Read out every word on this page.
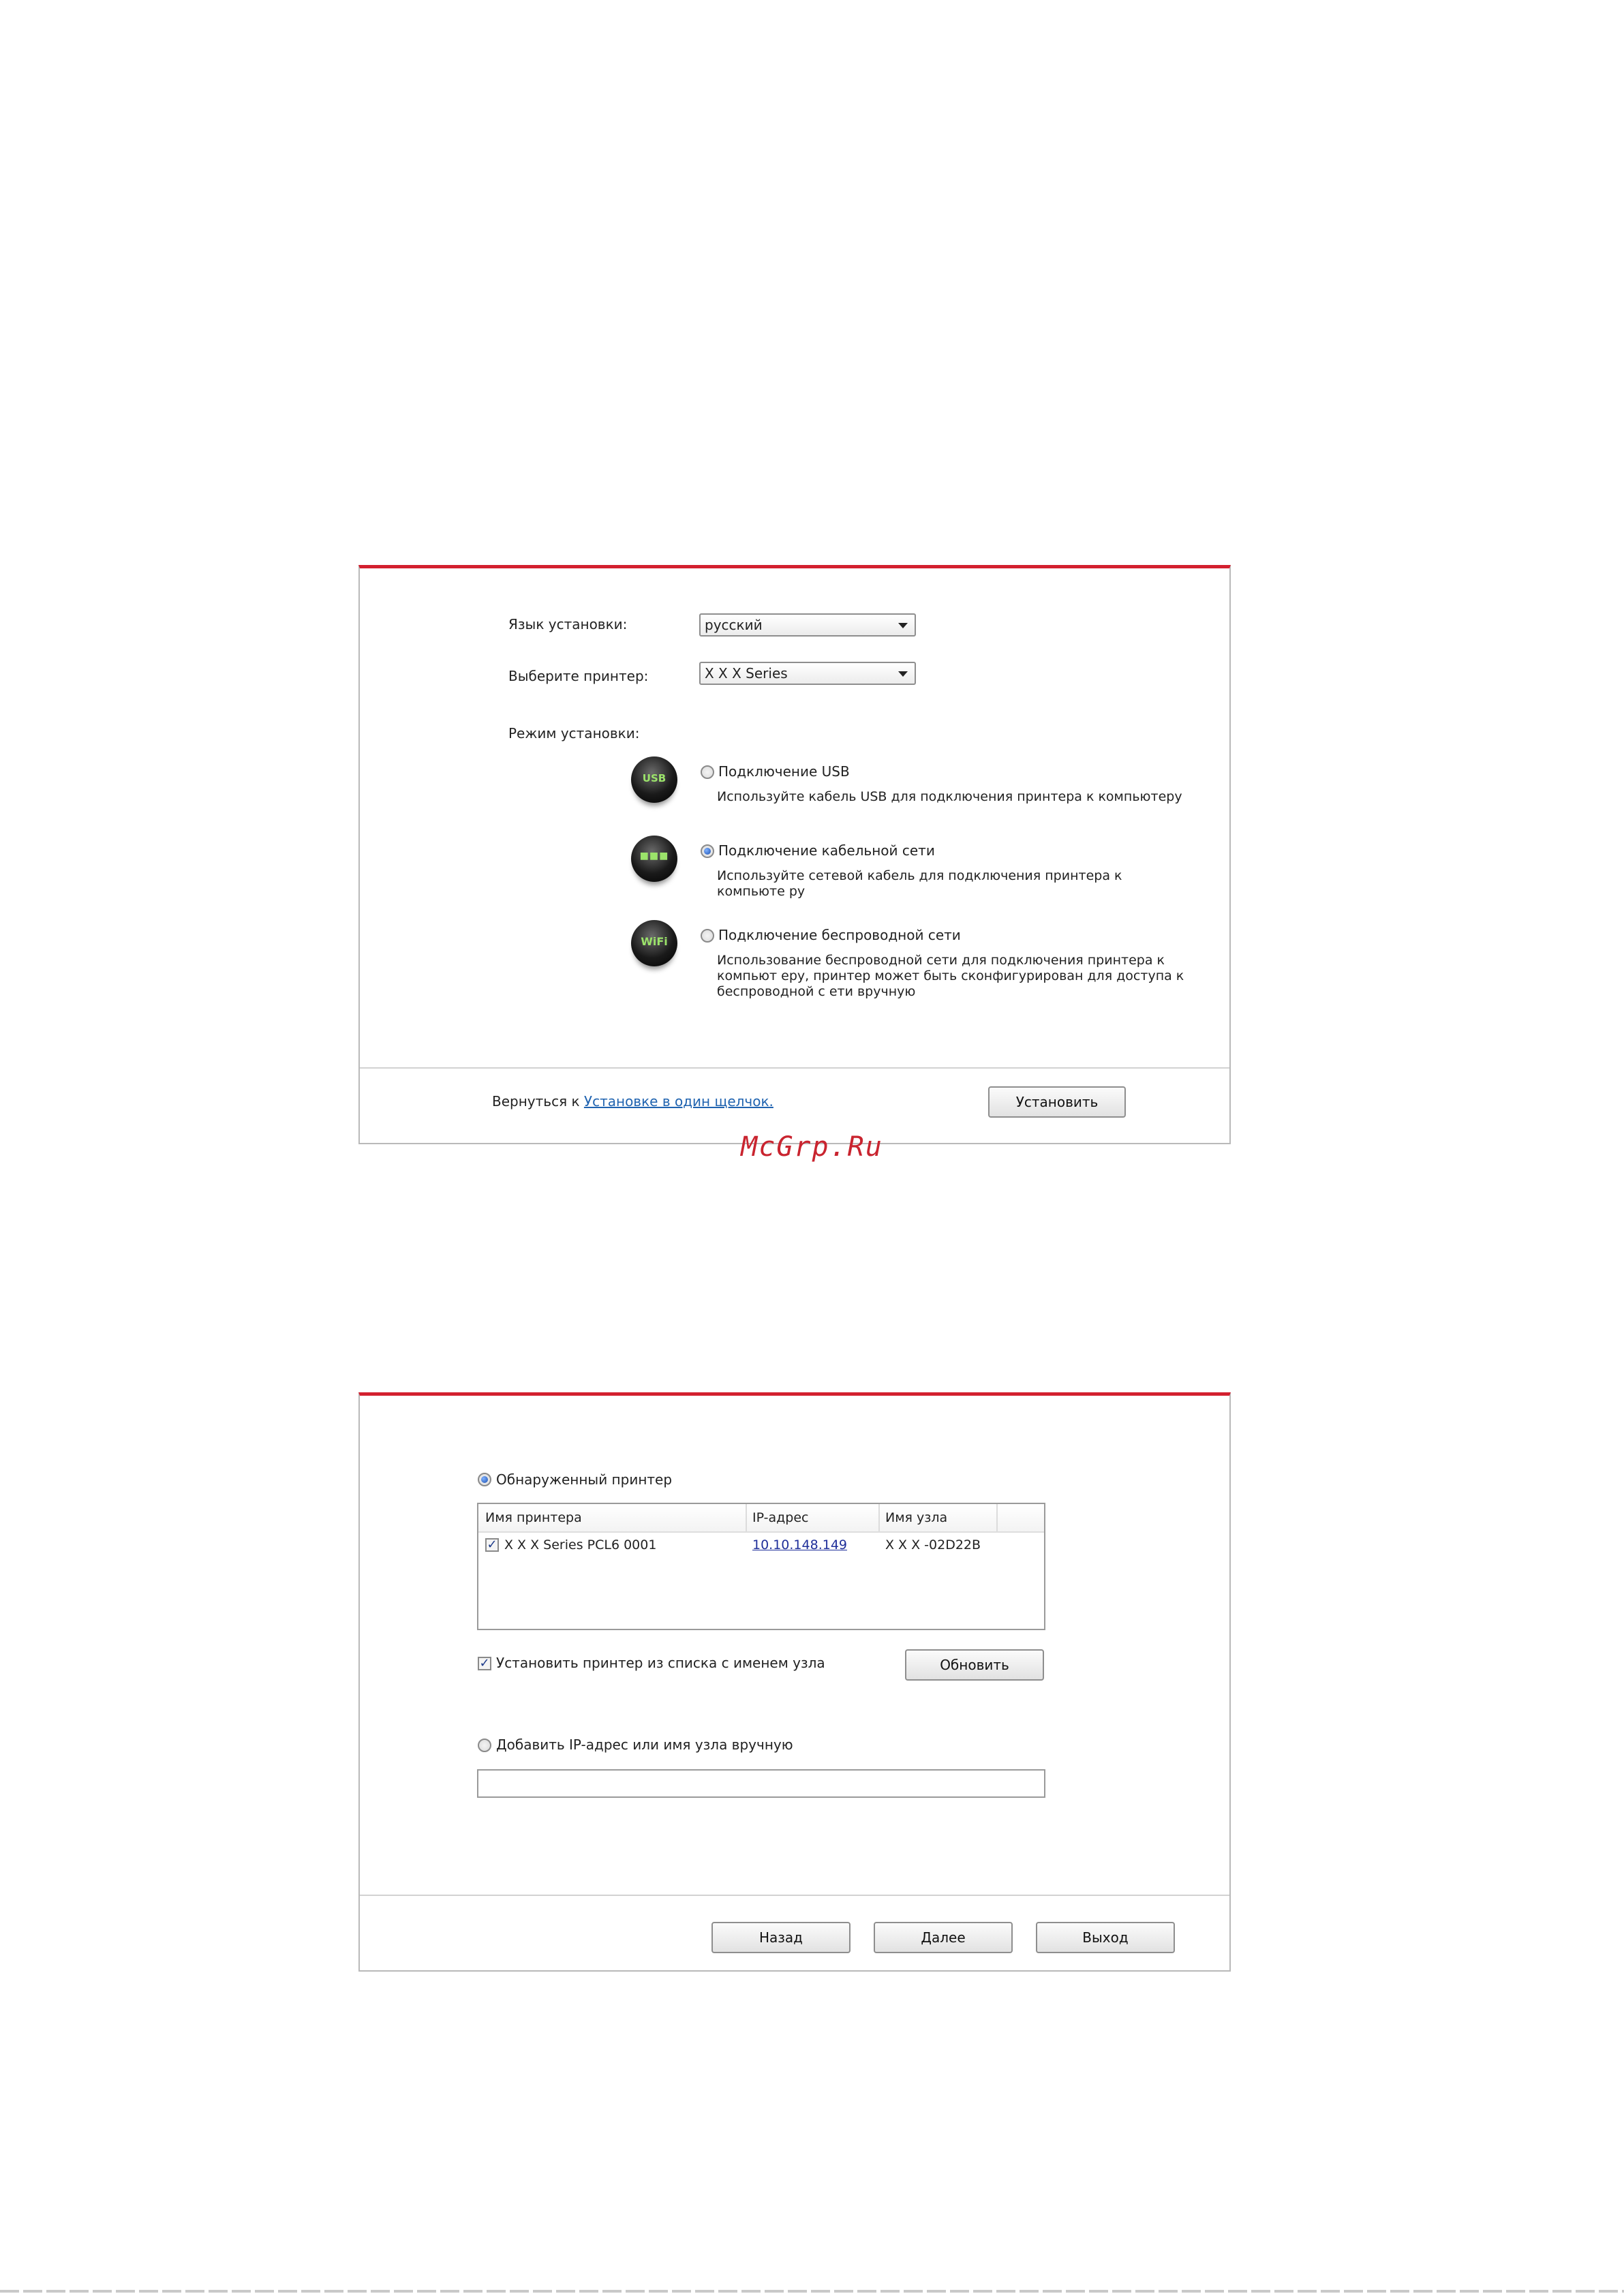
Язык установки:	русский
Выберите принтер:	X X X Series
Режим установки:
USB	Подключение USB
Используйте кабель USB для подключения принтера к компьютеру
■■■	Подключение кабельной сети
Используйте сетевой кабель для подключения принтера к компьюте ру
WiFi	Подключение беспроводной сети
Использование беспроводной сети для подключения принтера к компьют еру, принтер может быть сконфигурирован для доступа к беспроводной с ети вручную
Вернуться к Установке в один щелчок.	Установить
McGrp.Ru
Обнаруженный принтер
Имя принтера	IP-адрес	Имя узла
✓ X X X Series PCL6 0001	10.10.148.149	X X X -02D22B
✓ Установить принтер из списка с именем узла	Обновить
Добавить IP-адрес или имя узла вручную
Назад	Далее	Выход
